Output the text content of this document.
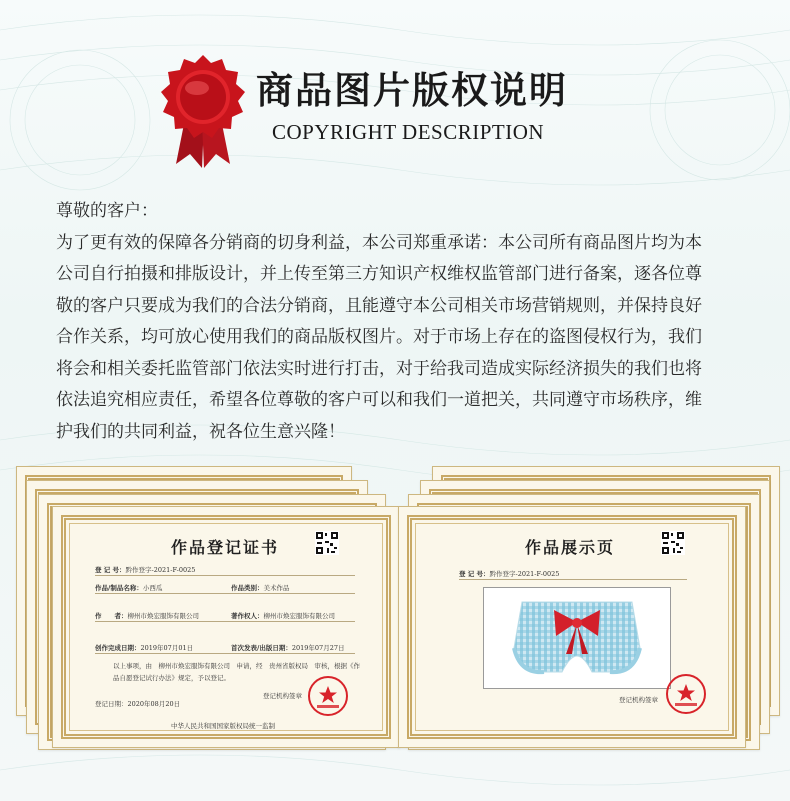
商品图片版权说明
COPYRIGHT DESCRIPTION

尊敬的客户：

为了更有效的保障各分销商的切身利益，本公司郑重承诺：本公司所有商品图片均为本

公司自行拍摄和排版设计，并上传至第三方知识产权维权监管部门进行备案，逐各位尊

敬的客户只要成为我们的合法分销商，且能遵守本公司相关市场营销规则，并保持良好

合作关系，均可放心使用我们的商品版权图片。对于市场上存在的盗图侵权行为，我们

将会和相关委托监管部门依法实时进行打击，对于给我司造成实际经济损失的我们也将

依法追究相应责任，希望各位尊敬的客户可以和我们一道把关，共同遵守市场秩序，维

护我们的共同利益，祝各位生意兴隆！

作品登记证书
登 记 号：黔作登字-2021-F-0025
作品/制品名称：小西瓜	作品类别：美术作品
作　　者：柳州市焕宏服饰有限公司	著作权人：柳州市焕宏服饰有限公司
创作完成日期：2019年07月01日	首次发表/出版日期：2019年07月27日
以上事项，由　柳州市焕宏服饰有限公司　申请，经　贵州省版权局　审核，根据《作
品自愿登记试行办法》规定，予以登记。
登记日期：2020年08月20日
登记机构签章
中华人民共和国国家版权局统一监制
作品展示页
登 记 号：黔作登字-2021-F-0025
登记机构签章
